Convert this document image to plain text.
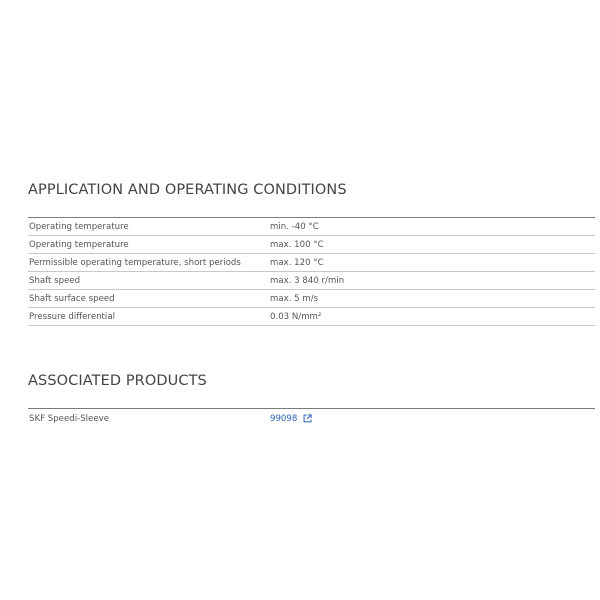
APPLICATION AND OPERATING CONDITIONS
Operating temperature	min. -40 °C
Operating temperature	max. 100 °C
Permissible operating temperature, short periods	max. 120 °C
Shaft speed	max. 3 840 r/min
Shaft surface speed	max. 5 m/s
Pressure differential	0.03 N/mm²
ASSOCIATED PRODUCTS
SKF Speedi-Sleeve	99098
